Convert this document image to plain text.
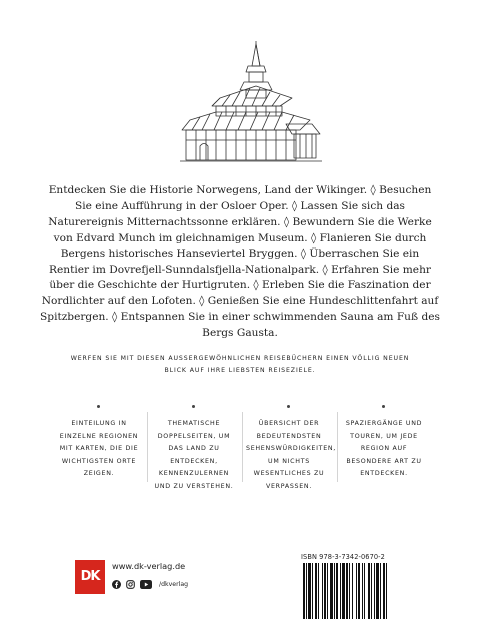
Entdecken Sie die Historie Norwegens, Land der Wikinger. ◊ Besuchen Sie eine Aufführung in der Osloer Oper. ◊ Lassen Sie sich das Naturereignis Mitternachtssonne erklären. ◊ Bewundern Sie die Werke von Edvard Munch im gleichnamigen Museum. ◊ Flanieren Sie durch Bergens historisches Hanseviertel Bryggen. ◊ Überraschen Sie ein Rentier im Dovrefjell-Sunndalsfjella-Nationalpark. ◊ Erfahren Sie mehr über die Geschichte der Hurtigruten. ◊ Erleben Sie die Faszination der Nordlichter auf den Lofoten. ◊ Genießen Sie eine Hundeschlittenfahrt auf Spitzbergen. ◊ Entspannen Sie in einer schwimmenden Sauna am Fuß des Bergs Gausta.

WERFEN SIE MIT DIESEN AUSSERGEWÖHNLICHEN REISEBÜCHERN EINEN VÖLLIG NEUEN BLICK AUF IHRE LIEBSTEN REISEZIELE.

EINTEILUNG IN EINZELNE REGIONEN MIT KARTEN, DIE DIE WICHTIGSTEN ORTE ZEIGEN.

THEMATISCHE DOPPELSEITEN, UM DAS LAND ZU ENTDECKEN, KENNENZULERNEN UND ZU VERSTEHEN.

ÜBERSICHT DER BEDEUTENDSTEN SEHENSWÜRDIGKEITEN, UM NICHTS WESENTLICHES ZU VERPASSEN.

SPAZIERGÄNGE UND TOUREN, UM JEDE REGION AUF BESONDERE ART ZU ENTDECKEN.

DK
www.dk-verlag.de
/dkverlag
ISBN 978-3-7342-0670-2
